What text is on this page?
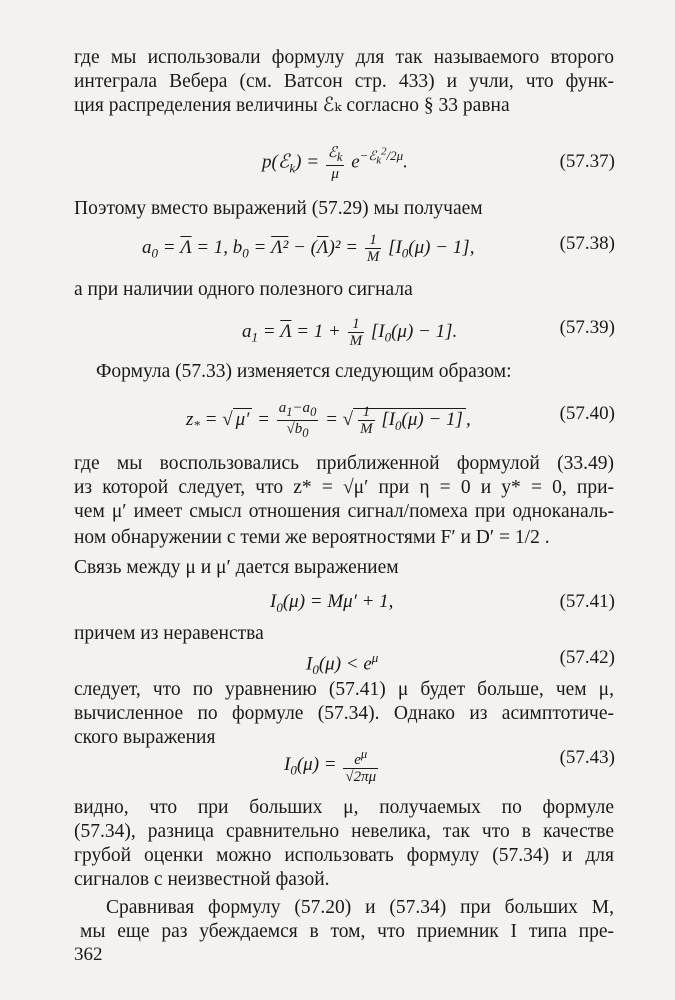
где мы использовали формулу для так называемого второго
интеграла Вебера (см. Ватсон стр. 433) и учли, что функ-
ция распределения величины ℰₖ согласно § 33 равна
p(ℰ$_k$) = $\frac{ℰ_k}{\mu} e^{-ℰ_k^2/2\mu}$.	(57.37)
Поэтому вместо выражений (57.29) мы получаем
$a_0 = \overline{\Lambda} = 1$, $b_0 = \Lambda^2 - (\overline{\Lambda})^2 = \frac{1}{M} [I_0(\mu) - 1]$,	(57.38)
а при наличии одного полезного сигнала
$a_1 = \overline{\Lambda} = 1 + \frac{1}{M} [I_0(\mu) - 1]$.	(57.39)
Формула (57.33) изменяется следующим образом:
$z_*$ = √ $\mu' = \frac{a_1-a_0}{√b_0}$ = √ $\frac{1}{M} [I_0(\mu) - 1]$ ,	(57.40)
где мы воспользовались приближенной формулой (33.49)
из которой следует, что z* = √μ′ при η = 0 и y* = 0, при-
чем μ′ имеет смысл отношения сигнал/помеха при одноканаль-
ном обнаружении с теми же вероятностями F′ и D′ = 1/2 .
Связь между μ и μ′ дается выражением
$I_0(\mu) = M\mu' + 1$,	(57.41)
причем из неравенства
$I_0(\mu) < e^\mu$	(57.42)
следует, что по уравнению (57.41) μ будет больше, чем μ,
вычисленное по формуле (57.34). Однако из асимптотиче-
ского выражения
$I_0(\mu) = \frac{e^\mu}{√2\pi\mu}$	(57.43)
видно, что при больших μ, получаемых по формуле
(57.34), разница сравнительно невелика, так что в качестве
грубой оценки можно использовать формулу (57.34) и для
сигналов с неизвестной фазой.
Сравнивая формулу (57.20) и (57.34) при больших M,
мы еще раз убеждаемся в том, что приемник I типа пре-
362
